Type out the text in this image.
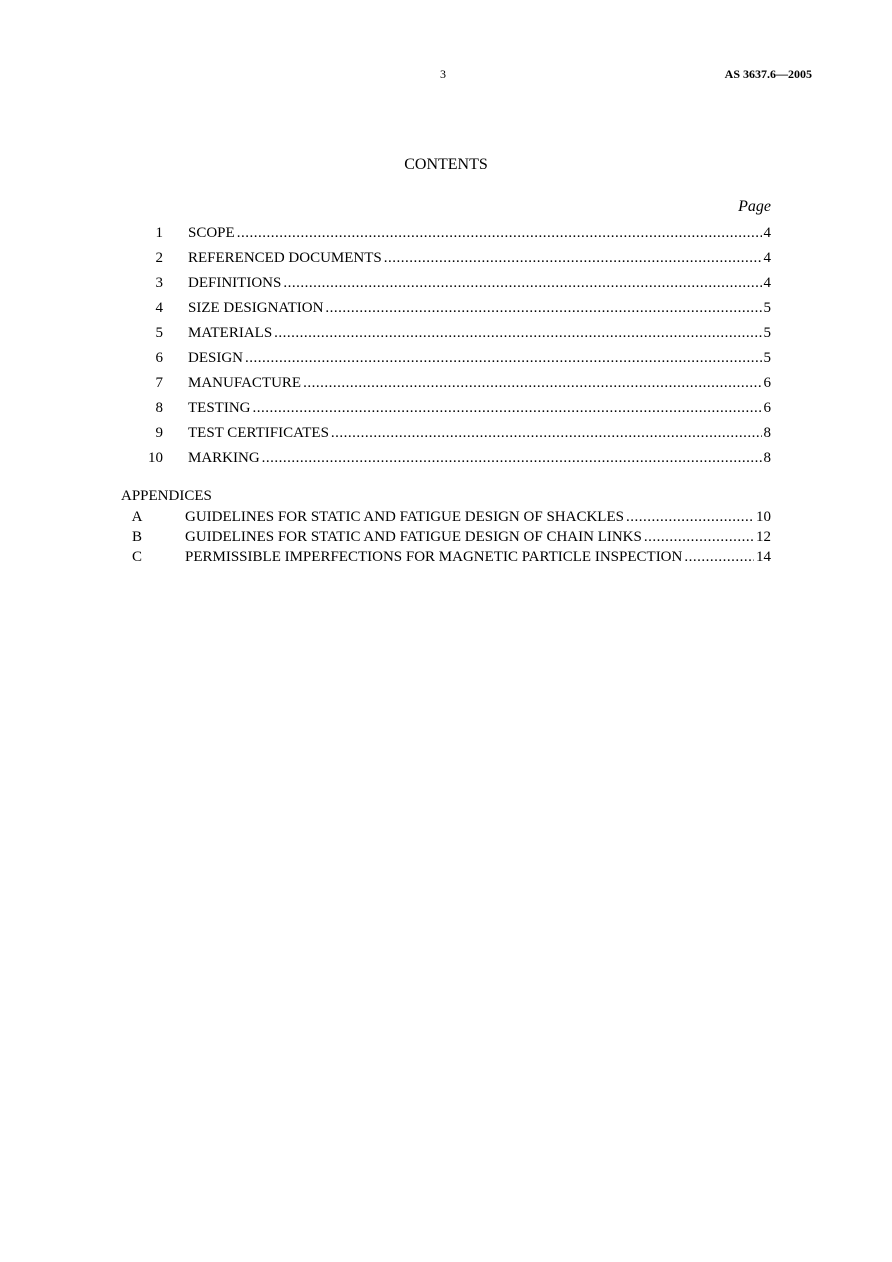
3	AS 3637.6—2005
CONTENTS
Page
1 SCOPE .....	4
2 REFERENCED DOCUMENTS .....	4
3 DEFINITIONS .....	4
4 SIZE DESIGNATION .....	5
5 MATERIALS .....	5
6 DESIGN .....	5
7 MANUFACTURE .....	6
8 TESTING .....	6
9 TEST CERTIFICATES .....	8
10 MARKING .....	8
APPENDICES
A	GUIDELINES FOR STATIC AND FATIGUE DESIGN OF SHACKLES .....	10
B	GUIDELINES FOR STATIC AND FATIGUE DESIGN OF CHAIN LINKS .....	12
C	PERMISSIBLE IMPERFECTIONS FOR MAGNETIC PARTICLE INSPECTION .....	14
